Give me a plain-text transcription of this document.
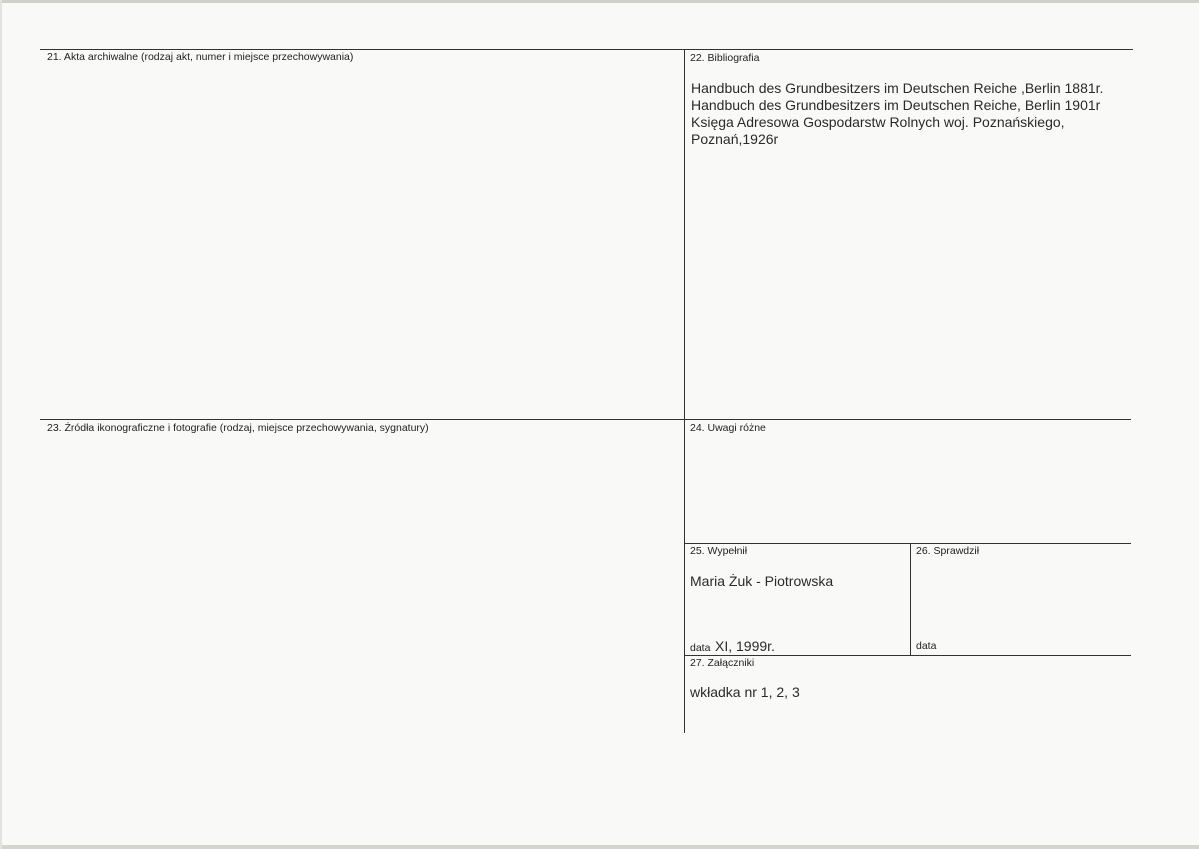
21. Akta archiwalne (rodzaj akt, numer i miejsce przechowywania)	22. Bibliografia
Handbuch des Grundbesitzers im Deutschen Reiche ,Berlin 1881r.
Handbuch des Grundbesitzers im Deutschen Reiche, Berlin 1901r
Księga Adresowa Gospodarstw Rolnych woj. Poznańskiego,
Poznań,1926r
23. Źródła ikonograficzne i fotografie (rodzaj, miejsce przechowywania, sygnatury)	24. Uwagi różne
25. Wypełnił
Maria Żuk - Piotrowska
data XI, 1999r.
26. Sprawdził
data
27. Załączniki
wkładka nr 1, 2, 3
